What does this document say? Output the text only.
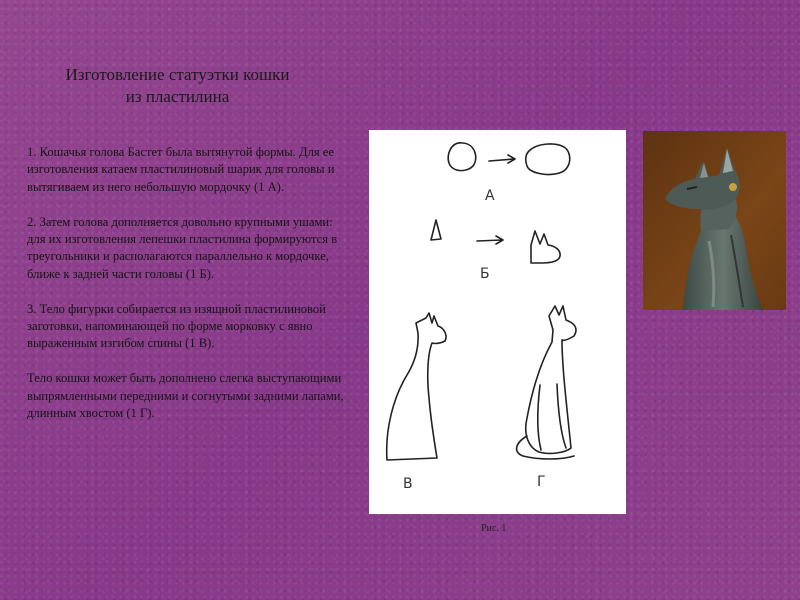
Изготовление статуэтки кошки
из пластилина

1. Кошачья голова Бастет была вытянутой формы. Для ее изготовления катаем пластилиновый шарик для головы и вытягиваем из него небольшую мордочку (1 А).

2. Затем голова дополняется довольно крупными ушами: для их изготовления лепешки пластилина формируются в треугольники и располагаются параллельно к мордочке, ближе к задней части головы (1 Б).

3. Тело фигурки собирается из изящной пластилиновой заготовки, напоминающей по форме морковку с явно выраженным изгибом спины (1 В).

Тело кошки может быть дополнено слегка выступающими выпрямленными передними и согнутыми задними лапами, длинным хвостом (1 Г).

А
Б
В	Г
Рис. 1
